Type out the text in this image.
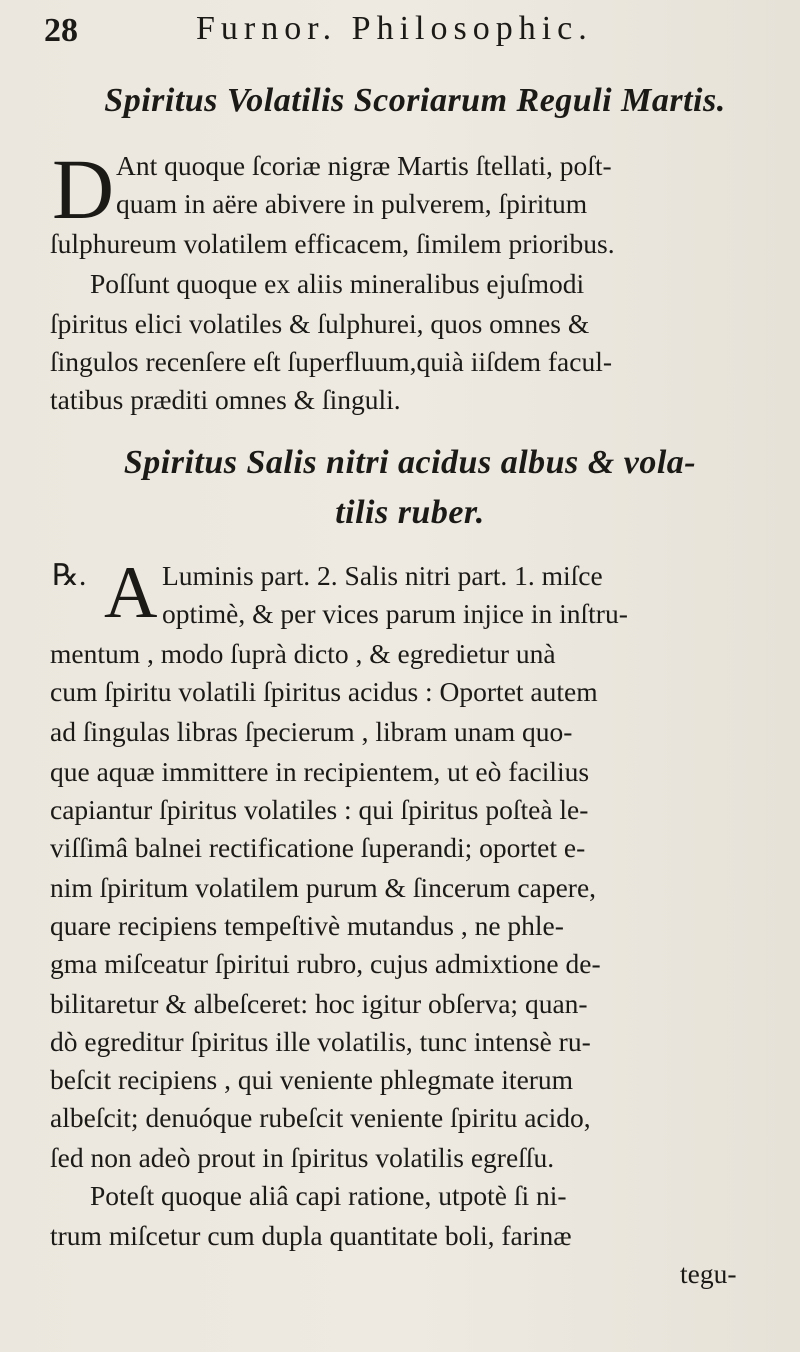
28	Furnor. Philosophic.
Spiritus Volatilis Scoriarum Reguli Martis.
D Ant quoque ſcoriæ nigræ Martis ſtellati, poſt-
quam in aëre abivere in pulverem, ſpiritum
ſulphureum volatilem efficacem, ſimilem prioribus.
Poſſunt quoque ex aliis mineralibus ejuſmodi
ſpiritus elici volatiles & ſulphurei, quos omnes &
ſingulos recenſere eſt ſuperfluum,quià iiſdem facul-
tatibus præditi omnes & ſinguli.
Spiritus Salis nitri acidus albus & vola-
tilis ruber.
℞. A Luminis part. 2. Salis nitri part. 1. miſce
optimè, & per vices parum injice in inſtru-
mentum , modo ſuprà dicto , & egredietur unà
cum ſpiritu volatili ſpiritus acidus : Oportet autem
ad ſingulas libras ſpecierum , libram unam quo-
que aquæ immittere in recipientem, ut eò facilius
capiantur ſpiritus volatiles : qui ſpiritus poſteà le-
viſſimâ balnei rectificatione ſuperandi; oportet e-
nim ſpiritum volatilem purum & ſincerum capere,
quare recipiens tempeſtivè mutandus , ne phle-
gma miſceatur ſpiritui rubro, cujus admixtione de-
bilitaretur & albeſceret: hoc igitur obſerva; quan-
dò egreditur ſpiritus ille volatilis, tunc intensè ru-
beſcit recipiens , qui veniente phlegmate iterum
albeſcit; denuóque rubeſcit veniente ſpiritu acido,
ſed non adeò prout in ſpiritus volatilis egreſſu.
Poteſt quoque aliâ capi ratione, utpotè ſi ni-
trum miſcetur cum dupla quantitate boli, farinæ
tegu-
